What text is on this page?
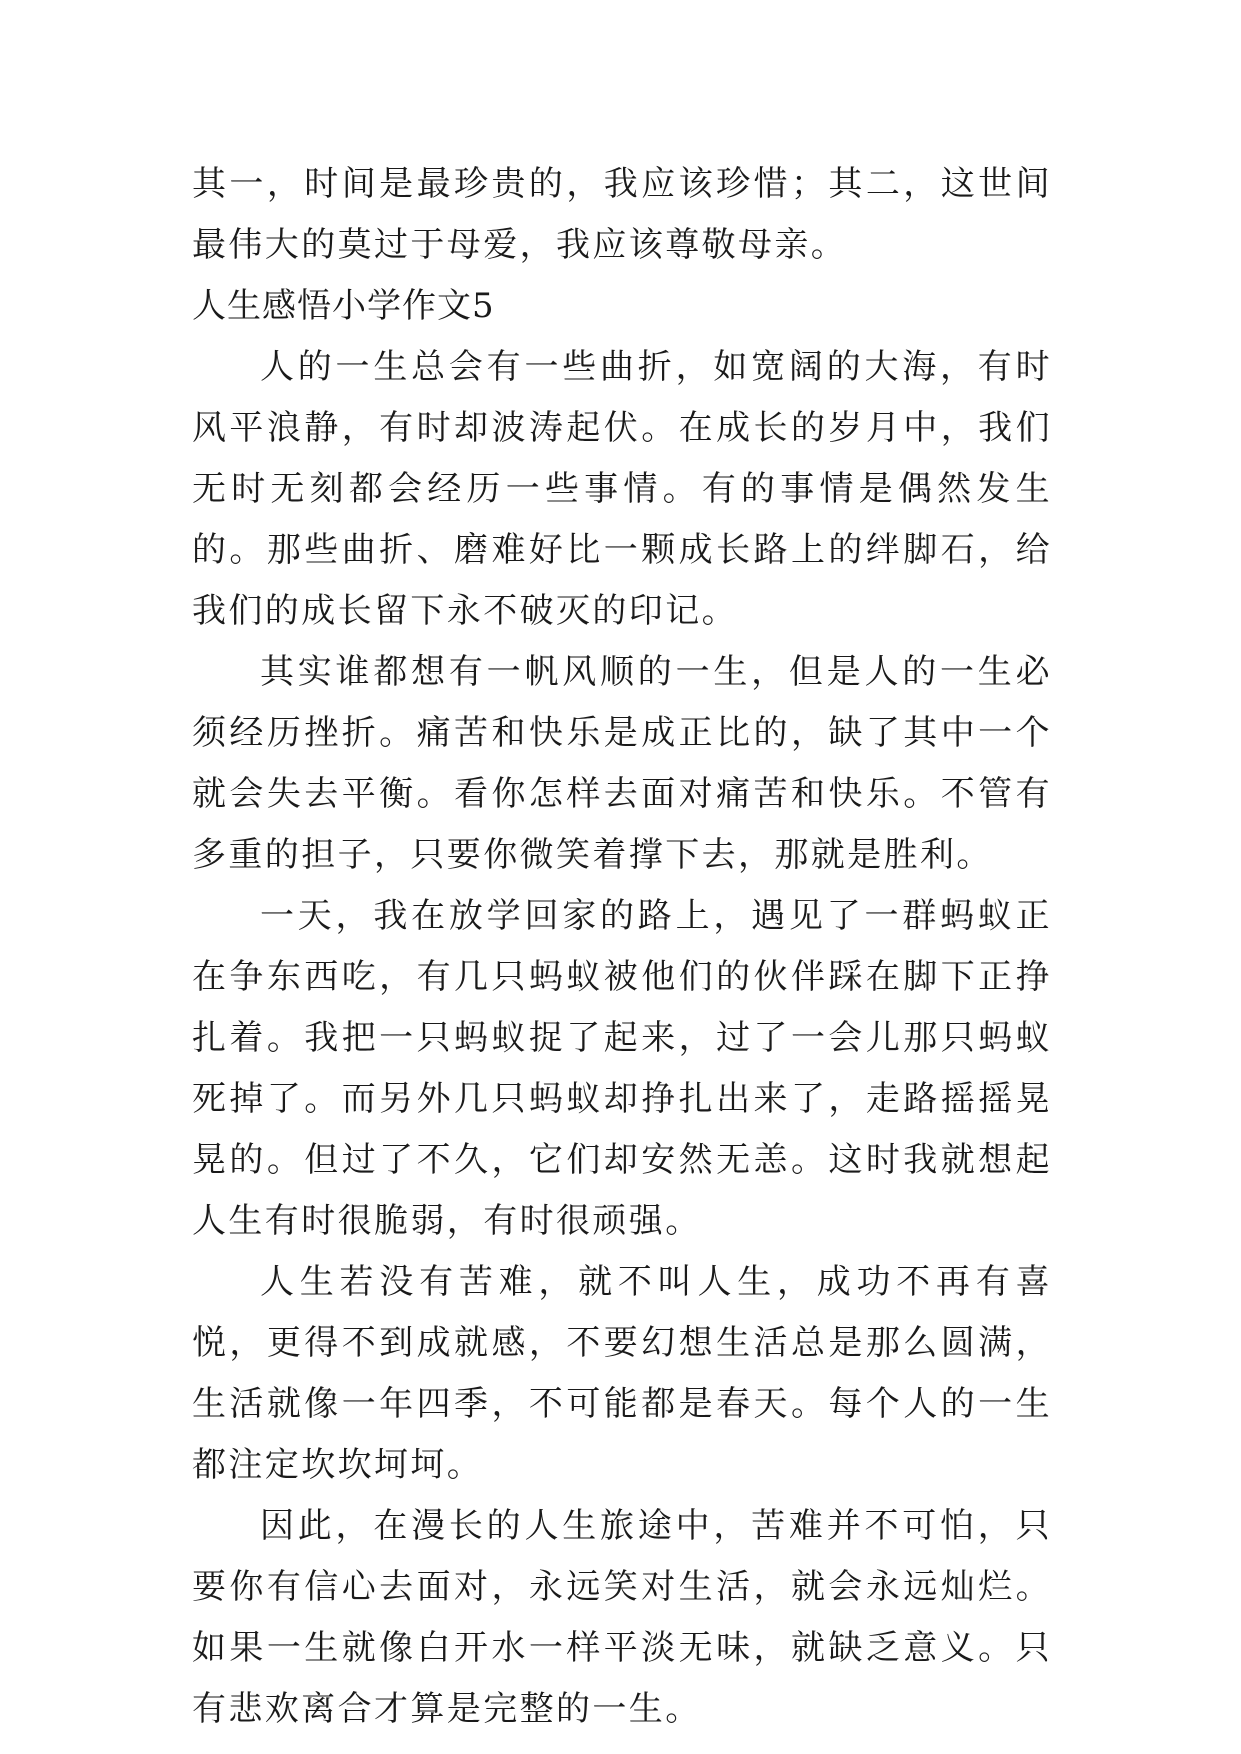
其一，时间是最珍贵的，我应该珍惜；其二，这世间最伟大的莫过于母爱，我应该尊敬母亲。

人生感悟小学作文5

人的一生总会有一些曲折，如宽阔的大海，有时风平浪静，有时却波涛起伏。在成长的岁月中，我们无时无刻都会经历一些事情。有的事情是偶然发生的。那些曲折、磨难好比一颗成长路上的绊脚石，给我们的成长留下永不破灭的印记。

其实谁都想有一帆风顺的一生，但是人的一生必须经历挫折。痛苦和快乐是成正比的，缺了其中一个就会失去平衡。看你怎样去面对痛苦和快乐。不管有多重的担子，只要你微笑着撑下去，那就是胜利。

一天，我在放学回家的路上，遇见了一群蚂蚁正在争东西吃，有几只蚂蚁被他们的伙伴踩在脚下正挣扎着。我把一只蚂蚁捉了起来，过了一会儿那只蚂蚁死掉了。而另外几只蚂蚁却挣扎出来了，走路摇摇晃晃的。但过了不久，它们却安然无恙。这时我就想起人生有时很脆弱，有时很顽强。

人生若没有苦难，就不叫人生，成功不再有喜悦，更得不到成就感，不要幻想生活总是那么圆满，生活就像一年四季，不可能都是春天。每个人的一生都注定坎坎坷坷。

因此，在漫长的人生旅途中，苦难并不可怕，只要你有信心去面对，永远笑对生活，就会永远灿烂。如果一生就像白开水一样平淡无味，就缺乏意义。只有悲欢离合才算是完整的一生。
